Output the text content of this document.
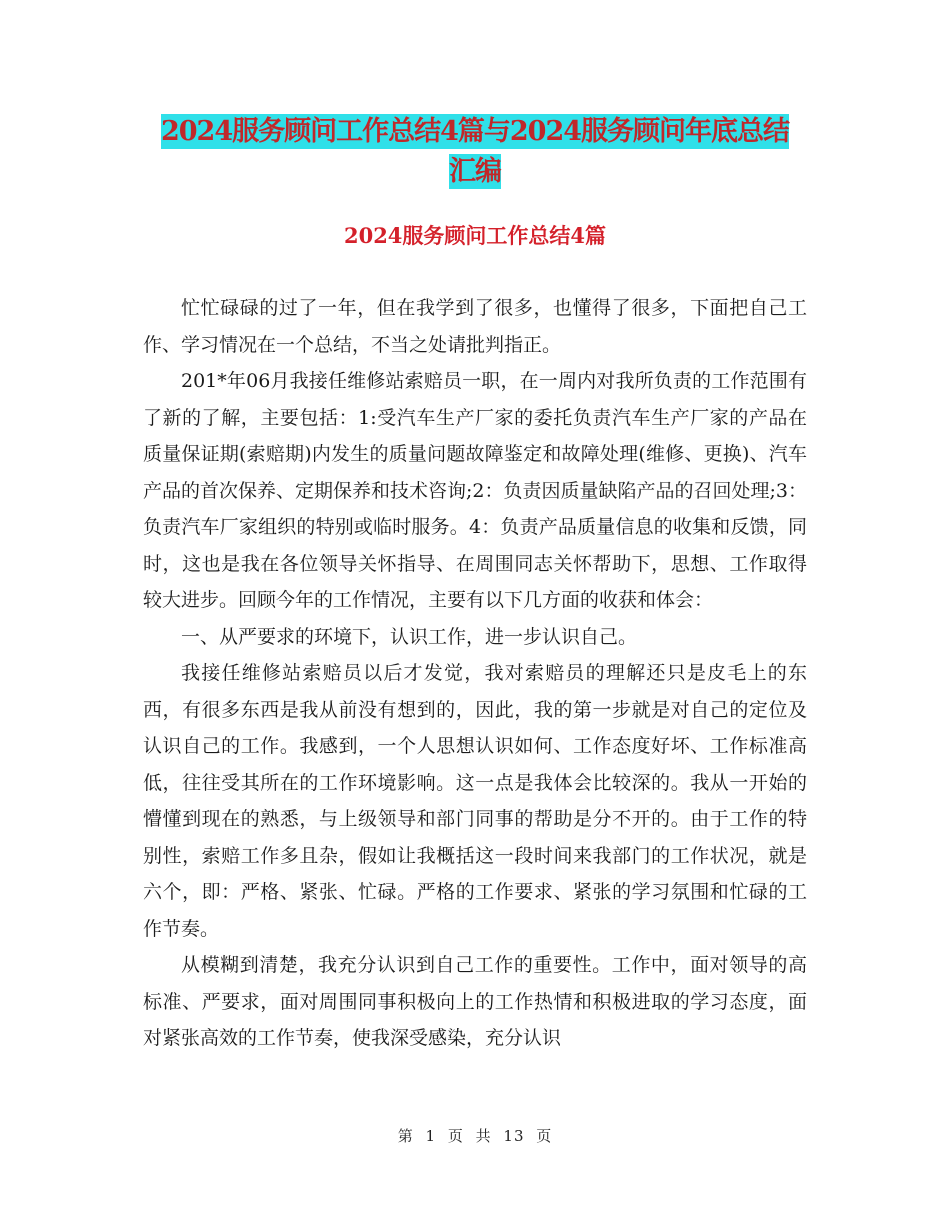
2024服务顾问工作总结4篇与2024服务顾问年底总结
汇编
2024服务顾问工作总结4篇

忙忙碌碌的过了一年，但在我学到了很多，也懂得了很多，下面把自己工作、学习情况在一个总结，不当之处请批判指正。

201*年06月我接任维修站索赔员一职，在一周内对我所负责的工作范围有了新的了解，主要包括：1:受汽车生产厂家的委托负责汽车生产厂家的产品在质量保证期(索赔期)内发生的质量问题故障鉴定和故障处理(维修、更换)、汽车产品的首次保养、定期保养和技术咨询;2：负责因质量缺陷产品的召回处理;3：负责汽车厂家组织的特别或临时服务。4：负责产品质量信息的收集和反馈，同时，这也是我在各位领导关怀指导、在周围同志关怀帮助下，思想、工作取得较大进步。回顾今年的工作情况，主要有以下几方面的收获和体会：

一、从严要求的环境下，认识工作，进一步认识自己。

我接任维修站索赔员以后才发觉，我对索赔员的理解还只是皮毛上的东西，有很多东西是我从前没有想到的，因此，我的第一步就是对自己的定位及认识自己的工作。我感到，一个人思想认识如何、工作态度好坏、工作标准高低，往往受其所在的工作环境影响。这一点是我体会比较深的。我从一开始的懵懂到现在的熟悉，与上级领导和部门同事的帮助是分不开的。由于工作的特别性，索赔工作多且杂，假如让我概括这一段时间来我部门的工作状况，就是六个，即：严格、紧张、忙碌。严格的工作要求、紧张的学习氛围和忙碌的工作节奏。

从模糊到清楚，我充分认识到自己工作的重要性。工作中，面对领导的高标准、严要求，面对周围同事积极向上的工作热情和积极进取的学习态度，面对紧张高效的工作节奏，使我深受感染，充分认识

第 1 页 共 13 页
